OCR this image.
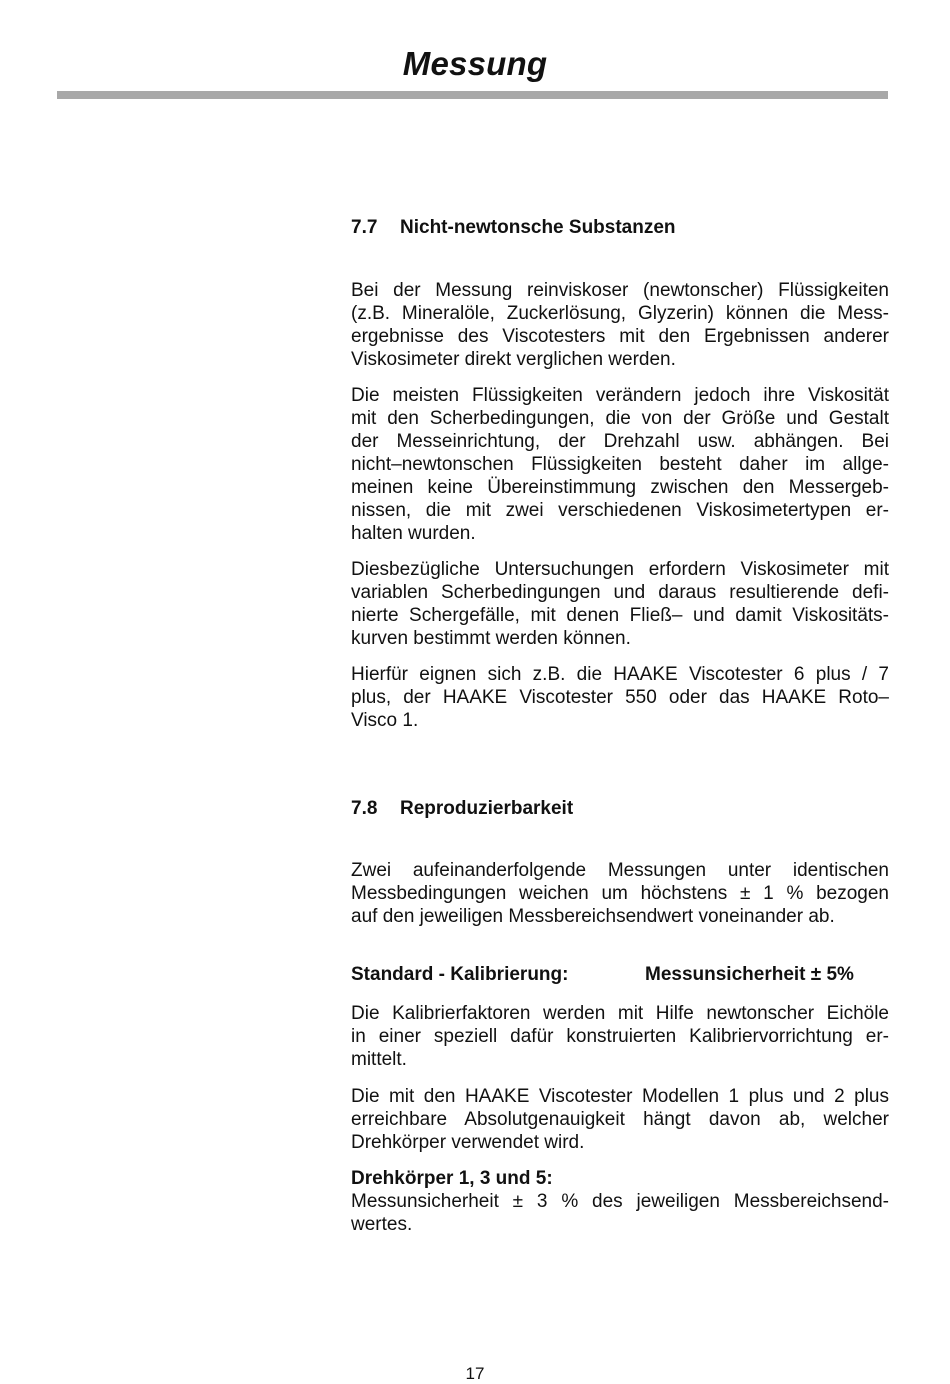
Messung
7.7 Nicht-newtonsche Substanzen

Bei der Messung reinviskoser (newtonscher) Flüssigkeiten
(z.B. Mineralöle, Zuckerlösung, Glyzerin) können die Mess-
ergebnisse des Viscotesters mit den Ergebnissen anderer
Viskosimeter direkt verglichen werden.

Die meisten Flüssigkeiten verändern jedoch ihre Viskosität
mit den Scherbedingungen, die von der Größe und Gestalt
der Messeinrichtung, der Drehzahl usw. abhängen. Bei
nicht–newtonschen Flüssigkeiten besteht daher im allge-
meinen keine Übereinstimmung zwischen den Messergeb-
nissen, die mit zwei verschiedenen Viskosimetertypen er-
halten wurden.

Diesbezügliche Untersuchungen erfordern Viskosimeter mit
variablen Scherbedingungen und daraus resultierende defi-
nierte Schergefälle, mit denen Fließ– und damit Viskositäts-
kurven bestimmt werden können.

Hierfür eignen sich z.B. die HAAKE Viscotester 6 plus / 7
plus, der HAAKE Viscotester 550 oder das HAAKE Roto–
Visco 1.

7.8 Reproduzierbarkeit

Zwei aufeinanderfolgende Messungen unter identischen
Messbedingungen weichen um höchstens ± 1 % bezogen
auf den jeweiligen Messbereichsendwert voneinander ab.

Standard - Kalibrierung:	Messunsicherheit ± 5%

Die Kalibrierfaktoren werden mit Hilfe newtonscher Eichöle
in einer speziell dafür konstruierten Kalibriervorrichtung er-
mittelt.

Die mit den HAAKE Viscotester Modellen 1 plus und 2 plus
erreichbare Absolutgenauigkeit hängt davon ab, welcher
Drehkörper verwendet wird.

Drehkörper 1, 3 und 5:

Messunsicherheit ± 3 % des jeweiligen Messbereichsend-
wertes.

17
